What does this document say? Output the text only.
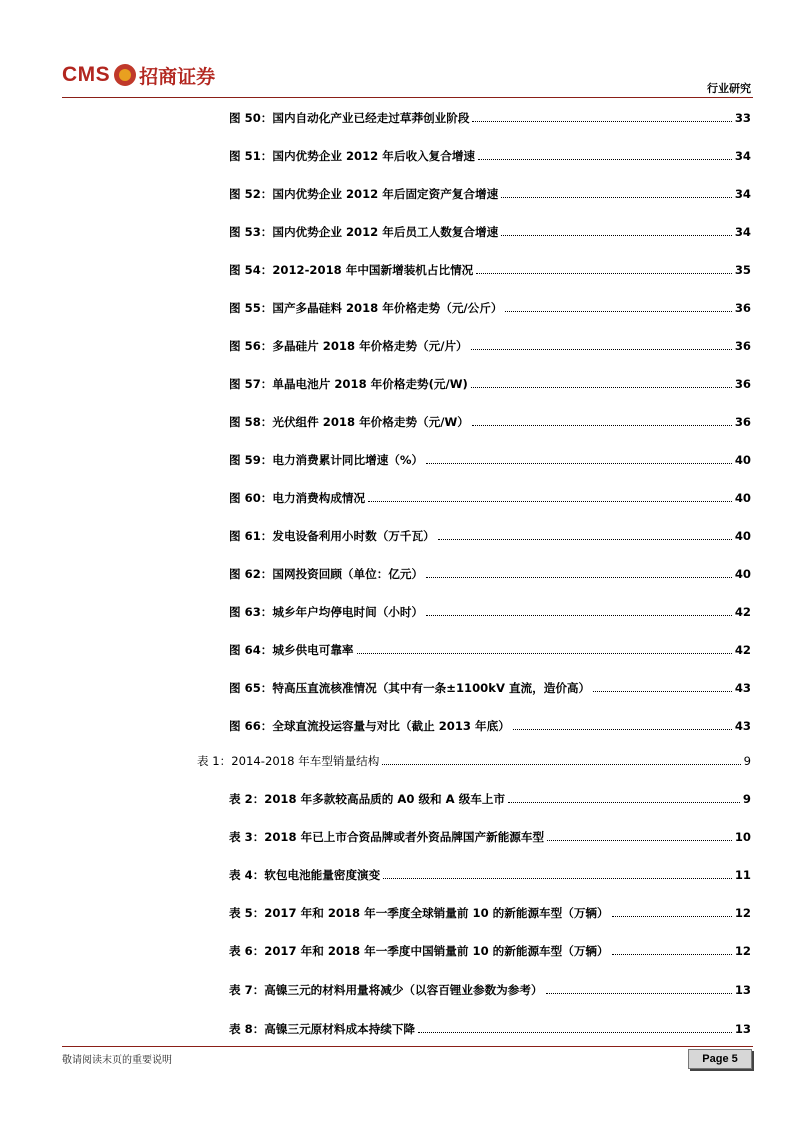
CMS 招商证券
行业研究
图 50：国内自动化产业已经走过草莽创业阶段	33
图 51：国内优势企业 2012 年后收入复合增速	34
图 52：国内优势企业 2012 年后固定资产复合增速	34
图 53：国内优势企业 2012 年后员工人数复合增速	34
图 54：2012-2018 年中国新增装机占比情况	35
图 55：国产多晶硅料 2018 年价格走势（元/公斤）	36
图 56：多晶硅片 2018 年价格走势（元/片）	36
图 57：单晶电池片 2018 年价格走势(元/W)	36
图 58：光伏组件 2018 年价格走势（元/W）	36
图 59：电力消费累计同比增速（%）	40
图 60：电力消费构成情况	40
图 61：发电设备利用小时数（万千瓦）	40
图 62：国网投资回顾（单位：亿元）	40
图 63：城乡年户均停电时间（小时）	42
图 64：城乡供电可靠率	42
图 65：特高压直流核准情况（其中有一条±1100kV 直流，造价高）	43
图 66：全球直流投运容量与对比（截止 2013 年底）	43
表 1：2014-2018 年车型销量结构	9
表 2：2018 年多款较高品质的 A0 级和 A 级车上市	9
表 3：2018 年已上市合资品牌或者外资品牌国产新能源车型	10
表 4：软包电池能量密度演变	11
表 5：2017 年和 2018 年一季度全球销量前 10 的新能源车型（万辆）	12
表 6：2017 年和 2018 年一季度中国销量前 10 的新能源车型（万辆）	12
表 7：高镍三元的材料用量将减少（以容百锂业参数为参考）	13
表 8：高镍三元原材料成本持续下降	13
敬请阅读末页的重要说明	Page 5
